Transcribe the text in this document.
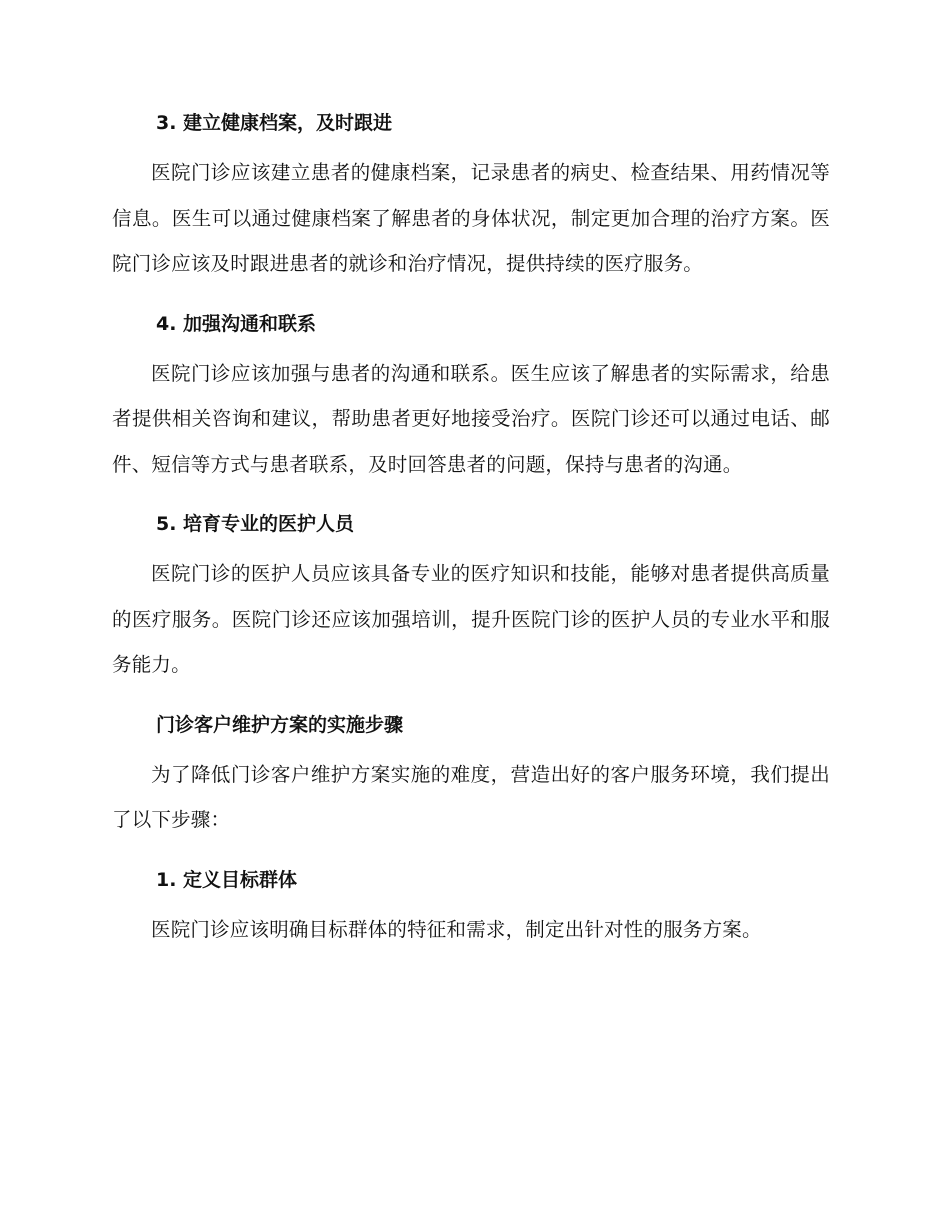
3. 建立健康档案，及时跟进

医院门诊应该建立患者的健康档案，记录患者的病史、检查结果、用药情况等信息。医生可以通过健康档案了解患者的身体状况，制定更加合理的治疗方案。医院门诊应该及时跟进患者的就诊和治疗情况，提供持续的医疗服务。

4. 加强沟通和联系

医院门诊应该加强与患者的沟通和联系。医生应该了解患者的实际需求，给患者提供相关咨询和建议，帮助患者更好地接受治疗。医院门诊还可以通过电话、邮件、短信等方式与患者联系，及时回答患者的问题，保持与患者的沟通。

5. 培育专业的医护人员

医院门诊的医护人员应该具备专业的医疗知识和技能，能够对患者提供高质量的医疗服务。医院门诊还应该加强培训，提升医院门诊的医护人员的专业水平和服务能力。

门诊客户维护方案的实施步骤

为了降低门诊客户维护方案实施的难度，营造出好的客户服务环境，我们提出了以下步骤：

1. 定义目标群体

医院门诊应该明确目标群体的特征和需求，制定出针对性的服务方案。
